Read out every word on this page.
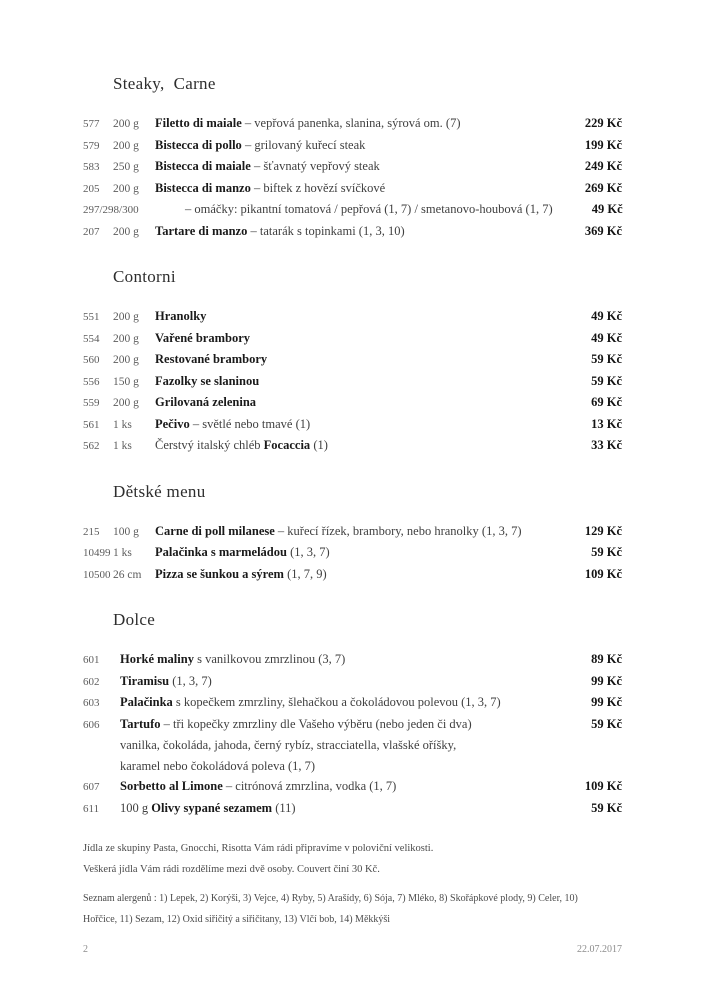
Steaky,  Carne
577	200 g	Filetto di maiale – vepřová panenka, slanina, sýrová om. (7)	229 Kč
579	200 g	Bistecca di pollo – grilovaný kuřecí steak	199 Kč
583	250 g	Bistecca di maiale – šťavnatý vepřový steak	249 Kč
205	200 g	Bistecca di manzo – biftek z hovězí svíčkové	269 Kč
297/298/300	– omáčky: pikantní tomatová / pepřová (1, 7) / smetanovo-houbová (1, 7)	49 Kč
207	200 g	Tartare di manzo – tatarák s topinkami (1, 3, 10)	369 Kč
Contorni
551	200 g	Hranolky	49 Kč
554	200 g	Vařené brambory	49 Kč
560	200 g	Restované brambory	59 Kč
556	150 g	Fazolky se slaninou	59 Kč
559	200 g	Grilovaná zelenina	69 Kč
561	1 ks	Pečivo – světlé nebo tmavé (1)	13 Kč
562	1 ks	Čerstvý italský chléb Focaccia (1)	33 Kč
Dětské menu
215	100 g	Carne di poll milanese – kuřecí řízek, brambory, nebo hranolky (1, 3, 7)	129 Kč
10499 1 ks	Palačinka s marmeládou (1, 3, 7)	59 Kč
10500 26 cm	Pizza se šunkou a sýrem (1, 7, 9)	109 Kč
Dolce
601	Horké maliny s vanilkovou zmrzlinou (3, 7)	89 Kč
602	Tiramisu (1, 3, 7)	99 Kč
603	Palačinka s kopečkem zmrzliny, šlehačkou a čokoládovou polevou (1, 3, 7)	99 Kč
606	Tartufo – tři kopečky zmrzliny dle Vašeho výběru (nebo jeden či dva)	59 Kč
vanilka, čokoláda, jahoda, černý rybíz, stracciatella, vlašské oříšky,
karamel nebo čokoládová poleva (1, 7)
607	Sorbetto al Limone – citrónová zmrzlina, vodka (1, 7)	109 Kč
611	100 g Olivy sypané sezamem (11)	59 Kč
Jídla ze skupiny Pasta, Gnocchi, Risotta Vám rádi připravíme v poloviční velikosti.
Veškerá jídla Vám rádi rozdělíme mezi dvě osoby. Couvert činí 30 Kč.
Seznam alergenů : 1) Lepek, 2) Korýši, 3) Vejce, 4) Ryby, 5) Arašídy, 6) Sója, 7) Mléko, 8) Skořápkové plody, 9) Celer, 10)
Hořčice, 11) Sezam, 12) Oxid siřičitý a siřičitany, 13) Vlčí bob, 14) Měkkýši
2	22.07.2017
